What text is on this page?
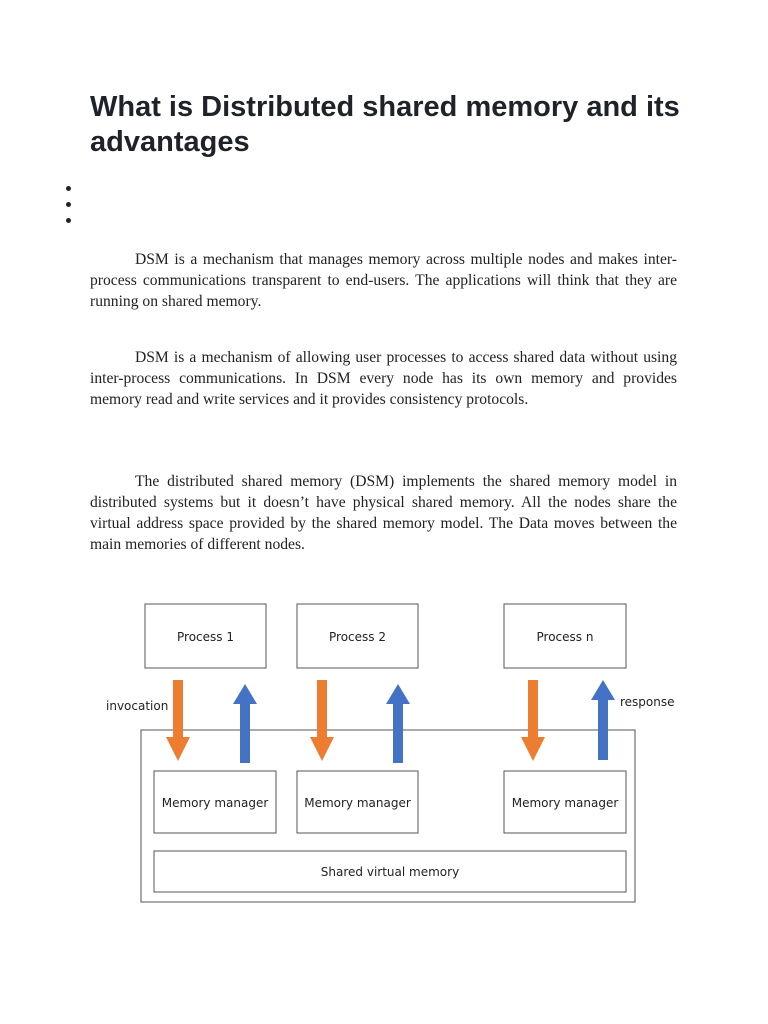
What is Distributed shared memory and its advantages

DSM is a mechanism that manages memory across multiple nodes and makes inter-process communications transparent to end-users. The applications will think that they are running on shared memory.

DSM is a mechanism of allowing user processes to access shared data without using inter-process communications. In DSM every node has its own memory and provides memory read and write services and it provides consistency protocols.

The distributed shared memory (DSM) implements the shared memory model in distributed systems but it doesn’t have physical shared memory. All the nodes share the virtual address space provided by the shared memory model. The Data moves between the main memories of different nodes.

Process 1	Process 2	Process n
Memory manager	Memory manager	Memory manager
Shared virtual memory
invocation	response
